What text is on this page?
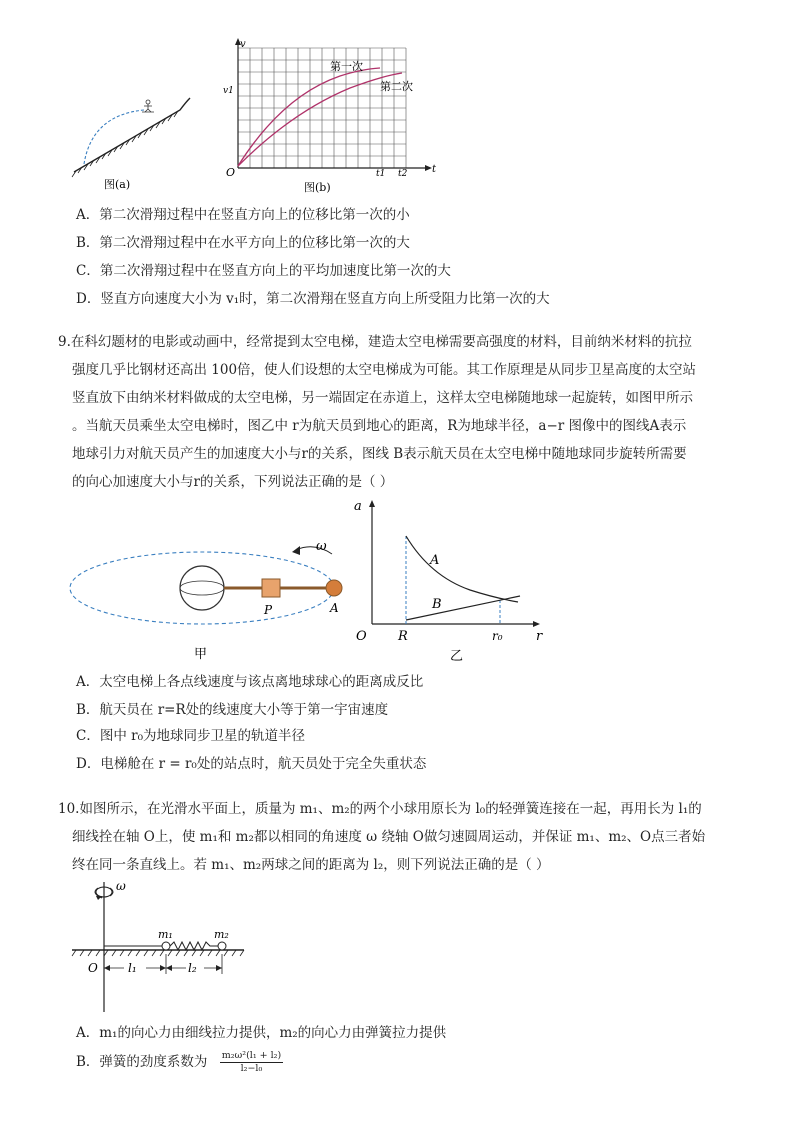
图(a)
第一次
第二次
v
t
O
v1
t1 t2
图(b)
A．第二次滑翔过程中在竖直方向上的位移比第一次的小
B．第二次滑翔过程中在水平方向上的位移比第一次的大
C．第二次滑翔过程中在竖直方向上的平均加速度比第一次的大
D．竖直方向速度大小为 v₁时，第二次滑翔在竖直方向上所受阻力比第一次的大
9.在科幻题材的电影或动画中，经常提到太空电梯，建造太空电梯需要高强度的材料，目前纳米材料的抗拉
强度几乎比钢材还高出 100倍，使人们设想的太空电梯成为可能。其工作原理是从同步卫星高度的太空站
竖直放下由纳米材料做成的太空电梯，另一端固定在赤道上，这样太空电梯随地球一起旋转，如图甲所示
。当航天员乘坐太空电梯时，图乙中 r为航天员到地心的距离，R为地球半径，a−r 图像中的图线A表示
地球引力对航天员产生的加速度大小与r的关系，图线 B表示航天员在太空电梯中随地球同步旋转所需要
的向心加速度大小与r的关系，下列说法正确的是（ ）
ω
P	A
甲
a
r
O R	r₀
A
B
乙
A．太空电梯上各点线速度与该点离地球球心的距离成反比
B．航天员在 r=R处的线速度大小等于第一宇宙速度
C．图中 r₀为地球同步卫星的轨道半径
D．电梯舱在 r = r₀处的站点时，航天员处于完全失重状态
10.如图所示，在光滑水平面上，质量为 m₁、m₂的两个小球用原长为 l₀的轻弹簧连接在一起，再用长为 l₁的
细线拴在轴 O上，使 m₁和 m₂都以相同的角速度 ω 绕轴 O做匀速圆周运动，并保证 m₁、m₂、O点三者始
终在同一条直线上。若 m₁、m₂两球之间的距离为 l₂，则下列说法正确的是（ ）
ω
m₁	m₂
O	l₁	l₂
A．m₁的向心力由细线拉力提供，m₂的向心力由弹簧拉力提供
B．弹簧的劲度系数为 $\frac{\text{m₂ω²(l₁ + l₂)}}{\text{l₂−l₀}}$
